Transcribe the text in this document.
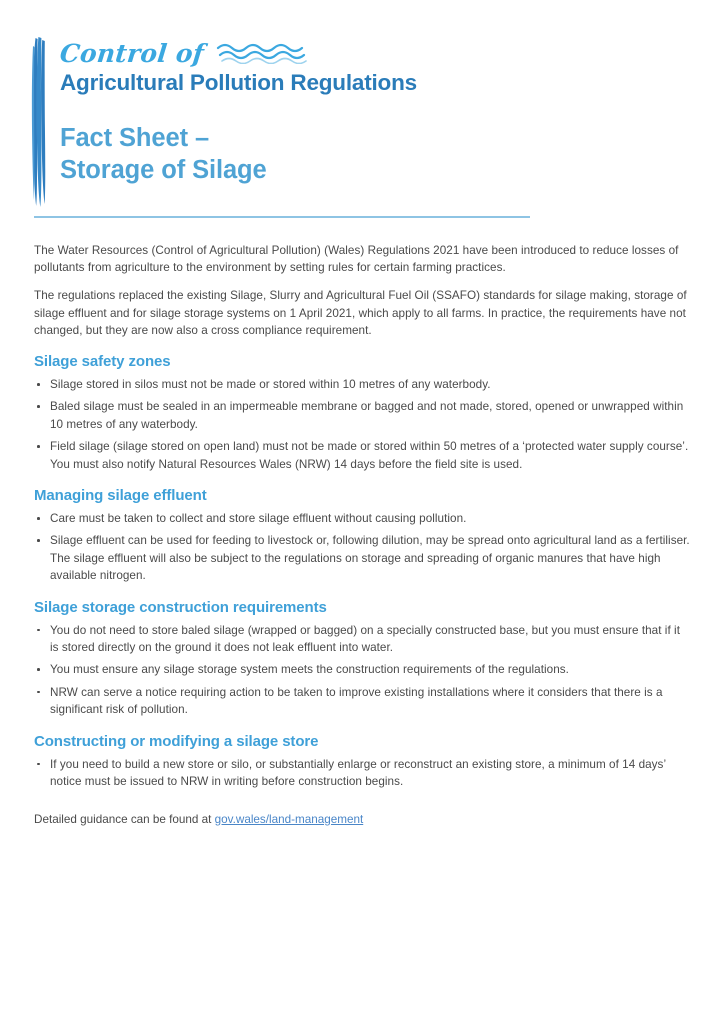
Control of
Agricultural Pollution Regulations
Fact Sheet –
Storage of Silage

The Water Resources (Control of Agricultural Pollution) (Wales) Regulations 2021 have been introduced to reduce losses of pollutants from agriculture to the environment by setting rules for certain farming practices.

The regulations replaced the existing Silage, Slurry and Agricultural Fuel Oil (SSAFO) standards for silage making, storage of silage effluent and for silage storage systems on 1 April 2021, which apply to all farms. In practice, the requirements have not changed, but they are now also a cross compliance requirement.

Silage safety zones
Silage stored in silos must not be made or stored within 10 metres of any waterbody.
Baled silage must be sealed in an impermeable membrane or bagged and not made, stored, opened or unwrapped within 10 metres of any waterbody.
Field silage (silage stored on open land) must not be made or stored within 50 metres of a ‘protected water supply course’. You must also notify Natural Resources Wales (NRW) 14 days before the field site is used.
Managing silage effluent
Care must be taken to collect and store silage effluent without causing pollution.
Silage effluent can be used for feeding to livestock or, following dilution, may be spread onto agricultural land as a fertiliser. The silage effluent will also be subject to the regulations on storage and spreading of organic manures that have high available nitrogen.
Silage storage construction requirements
You do not need to store baled silage (wrapped or bagged) on a specially constructed base, but you must ensure that if it is stored directly on the ground it does not leak effluent into water.
You must ensure any silage storage system meets the construction requirements of the regulations.
NRW can serve a notice requiring action to be taken to improve existing installations where it considers that there is a significant risk of pollution.
Constructing or modifying a silage store
If you need to build a new store or silo, or substantially enlarge or reconstruct an existing store, a minimum of 14 days’ notice must be issued to NRW in writing before construction begins.

Detailed guidance can be found at gov.wales/land-management
